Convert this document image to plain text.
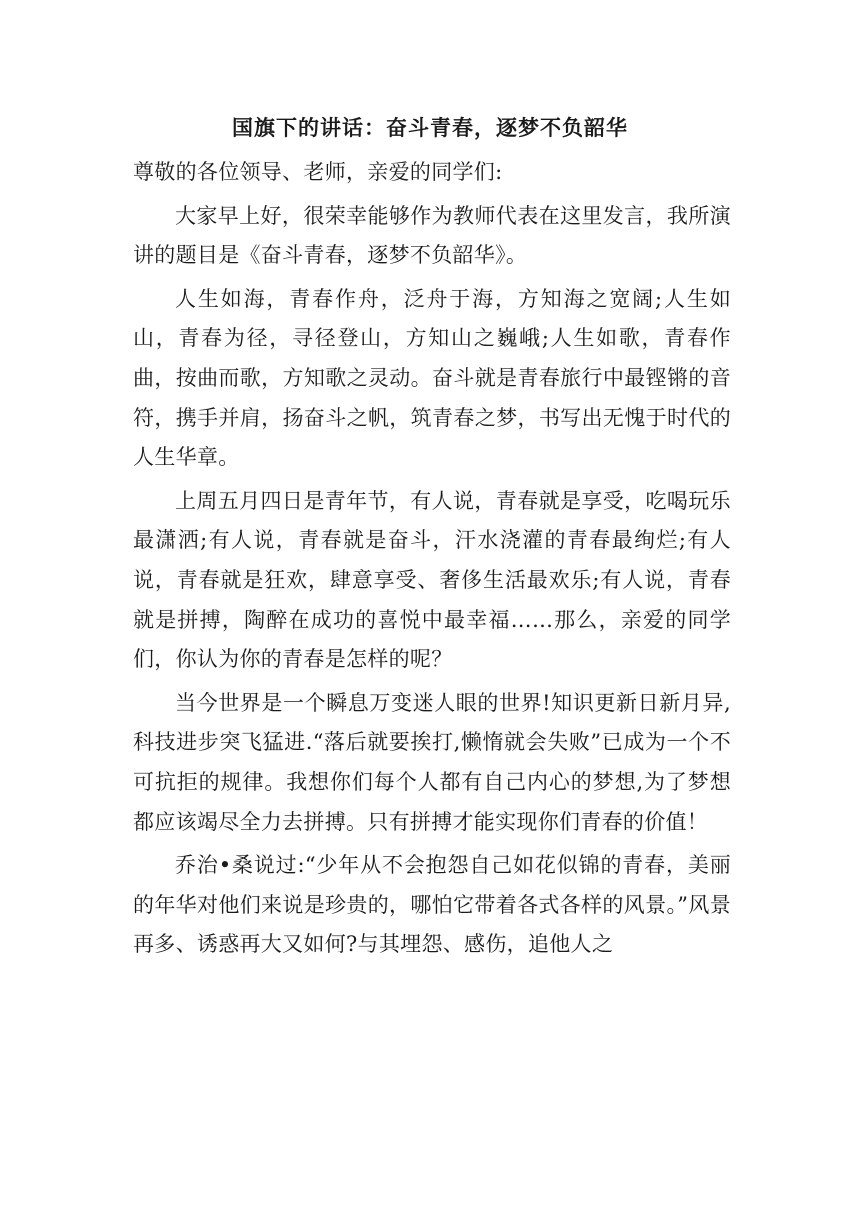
国旗下的讲话：奋斗青春，逐梦不负韶华

尊敬的各位领导、老师，亲爱的同学们:

大家早上好，很荣幸能够作为教师代表在这里发言，我所演讲的题目是《奋斗青春，逐梦不负韶华》。

人生如海，青春作舟，泛舟于海，方知海之宽阔;人生如山，青春为径，寻径登山，方知山之巍峨;人生如歌，青春作曲，按曲而歌，方知歌之灵动。奋斗就是青春旅行中最铿锵的音符，携手并肩，扬奋斗之帆，筑青春之梦，书写出无愧于时代的人生华章。

上周五月四日是青年节，有人说，青春就是享受，吃喝玩乐最潇洒;有人说，青春就是奋斗，汗水浇灌的青春最绚烂;有人说，青春就是狂欢，肆意享受、奢侈生活最欢乐;有人说，青春就是拼搏，陶醉在成功的喜悦中最幸福……那么，亲爱的同学们，你认为你的青春是怎样的呢？

当今世界是一个瞬息万变迷人眼的世界!知识更新日新月异,科技进步突飞猛进.“落后就要挨打,懒惰就会失败”已成为一个不可抗拒的规律。我想你们每个人都有自己内心的梦想,为了梦想都应该竭尽全力去拼搏。只有拼搏才能实现你们青春的价值！

乔治•桑说过:“少年从不会抱怨自己如花似锦的青春，美丽的年华对他们来说是珍贵的，哪怕它带着各式各样的风景。”风景再多、诱惑再大又如何?与其埋怨、感伤，追他人之
